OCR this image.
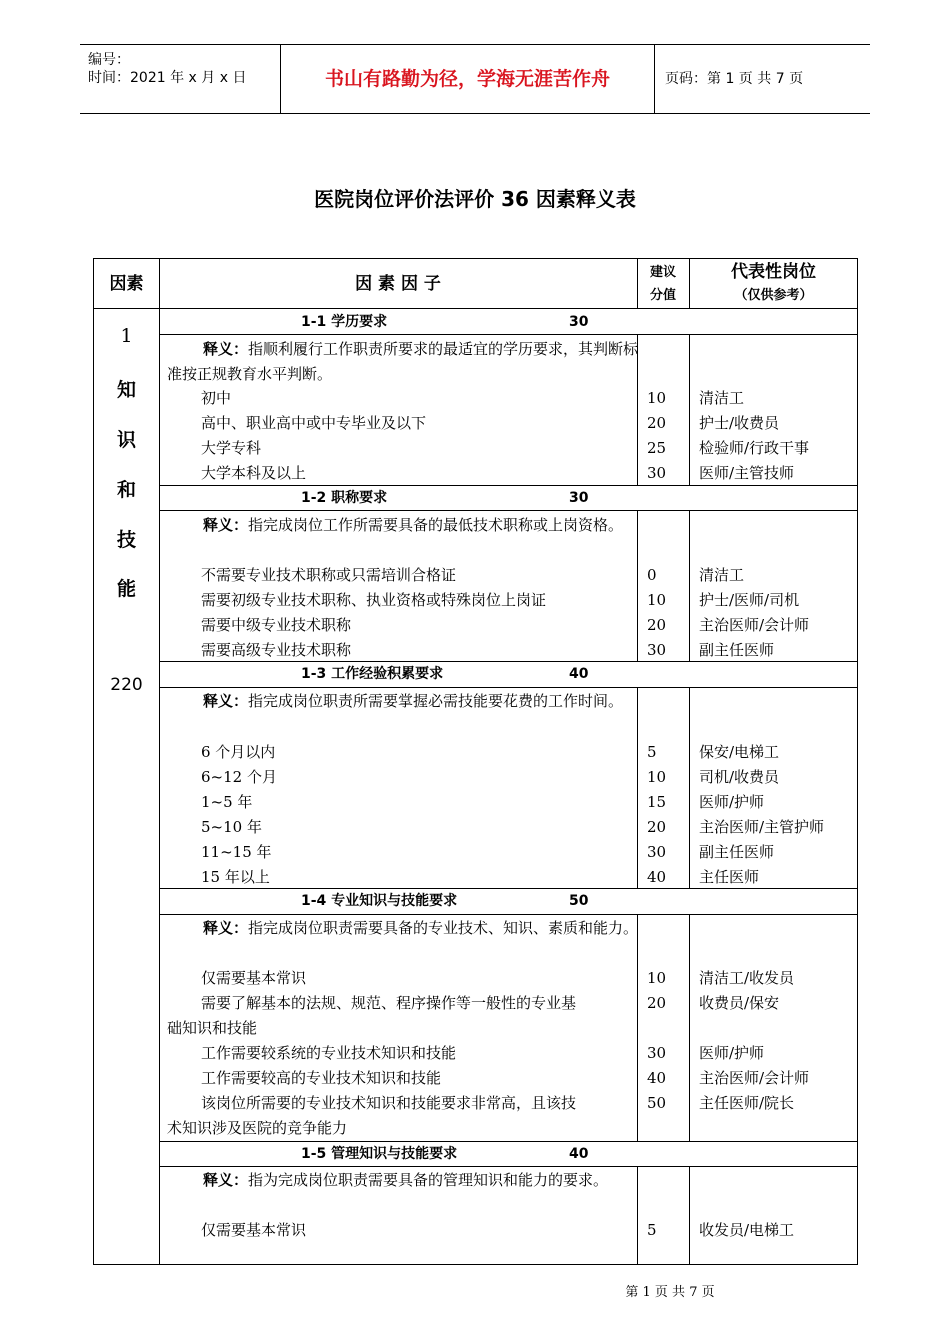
编号：
时间：2021 年 x 月 x 日	书山有路勤为径，学海无涯苦作舟	页码：第 1 页 共 7 页
医院岗位评价法评价 36 因素释义表
因素	因 素 因 子
建议
分值
代表性岗位
（仅供参考）
1
知
识
和
技
能
220
1-1 学历要求	30

释义：指顺利履行工作职责所要求的最适宜的学历要求，其判断标准按正规教育水平判断。

初中	10 清洁工
高中、职业高中或中专毕业及以下	20 护士/收费员
大学专科	25 检验师/行政干事
大学本科及以上	30 医师/主管技师
1-2 职称要求	30

释义：指完成岗位工作所需要具备的最低技术职称或上岗资格。

不需要专业技术职称或只需培训合格证	0	清洁工
需要初级专业技术职称、执业资格或特殊岗位上岗证	10 护士/医师/司机
需要中级专业技术职称	20 主治医师/会计师
需要高级专业技术职称	30 副主任医师
1-3 工作经验积累要求	40

释义：指完成岗位职责所需要掌握必需技能要花费的工作时间。

6 个月以内	5	保安/电梯工
6~12 个月	10 司机/收费员
1~5 年	15 医师/护师
5~10 年	20 主治医师/主管护师
11~15 年	30 副主任医师
15 年以上	40 主任医师
1-4 专业知识与技能要求	50

释义：指完成岗位职责需要具备的专业技术、知识、素质和能力。

仅需要基本常识	10 清洁工/收发员
需要了解基本的法规、规范、程序操作等一般性的专业基	20 收费员/保安
础知识和技能
工作需要较系统的专业技术知识和技能	30 医师/护师
工作需要较高的专业技术知识和技能	40 主治医师/会计师
该岗位所需要的专业技术知识和技能要求非常高，且该技	50 主任医师/院长
术知识涉及医院的竞争能力
1-5 管理知识与技能要求	40

释义：指为完成岗位职责需要具备的管理知识和能力的要求。

仅需要基本常识	5	收发员/电梯工
第 1 页 共 7 页
